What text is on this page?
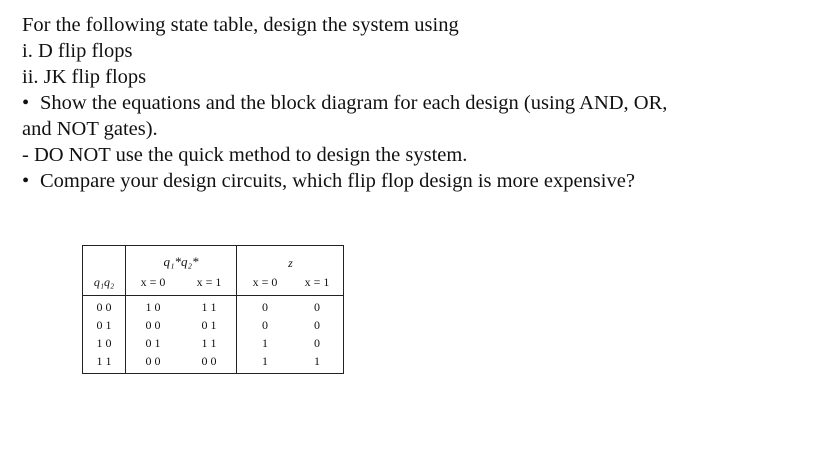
For the following state table, design the system using
i. D flip flops
ii. JK flip flops
• Show the equations and the block diagram for each design (using AND, OR,
and NOT gates).
- DO NOT use the quick method to design the system.
• Compare your design circuits, which flip flop design is more expensive?
q₁*q₂*	z
q₁q₂	x = 0	x = 1	x = 0	x = 1
0 0	1 0	1 1	0	0
0 1	0 0	0 1	0	0
1 0	0 1	1 1	1	0
1 1	0 0	0 0	1	1
